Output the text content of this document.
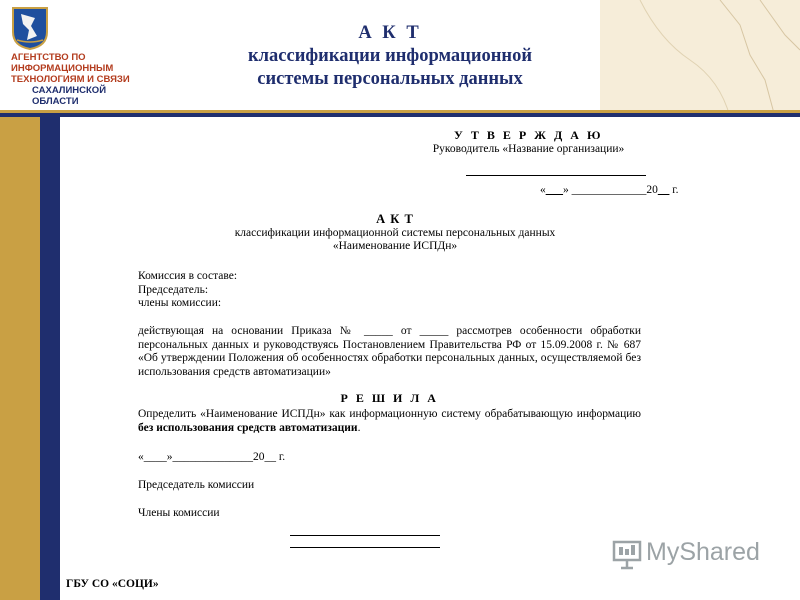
АГЕНТСТВО ПО
ИНФОРМАЦИОННЫМ
ТЕХНОЛОГИЯМ И СВЯЗИ
САХАЛИНСКОЙ
ОБЛАСТИ
А К Т
классификации информационной
системы персональных данных
У Т В Е Р Ж Д А Ю
Руководитель «Название организации»
«___» _____________20__ г.
А К Т
классификации информационной системы персональных данных
«Наименование ИСПДн»
Комиссия в составе:
Председатель:
члены комиссии:
действующая на основании Приказа № _____ от _____ рассмотрев особенности обработки персональных данных и руководствуясь Постановлением Правительства РФ от 15.09.2008 г. № 687 «Об утверждении Положения об особенностях обработки персональных данных, осуществляемой без использования средств автоматизации»
Р Е Ш И Л А
Определить «Наименование ИСПДн» как информационную систему обрабатывающую информацию без использования средств автоматизации.
«____»______________20__ г.
Председатель комиссии
Члены комиссии
MyShared
ГБУ СО «СОЦИ»
